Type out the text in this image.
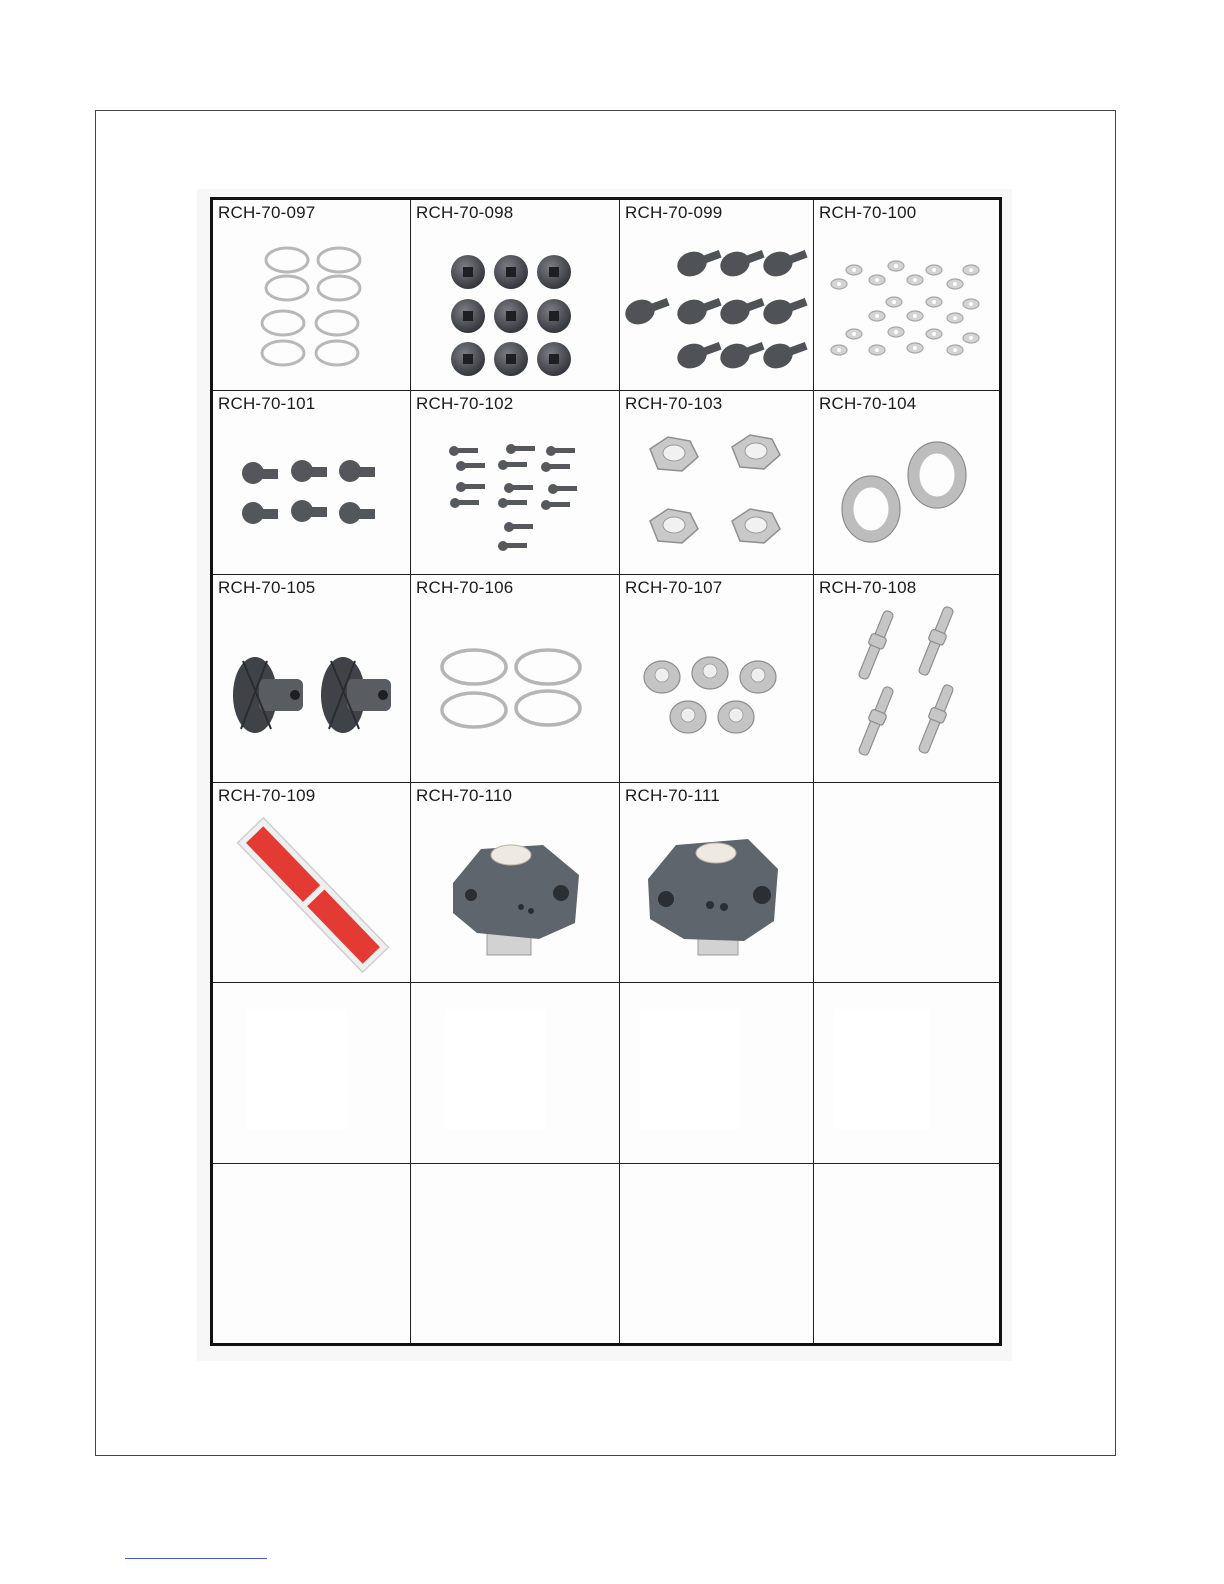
RCH-70-097	RCH-70-098	RCH-70-099	RCH-70-100
RCH-70-101	RCH-70-102	RCH-70-103	RCH-70-104
RCH-70-105	RCH-70-106	RCH-70-107	RCH-70-108
RCH-70-109	RCH-70-110	RCH-70-111
